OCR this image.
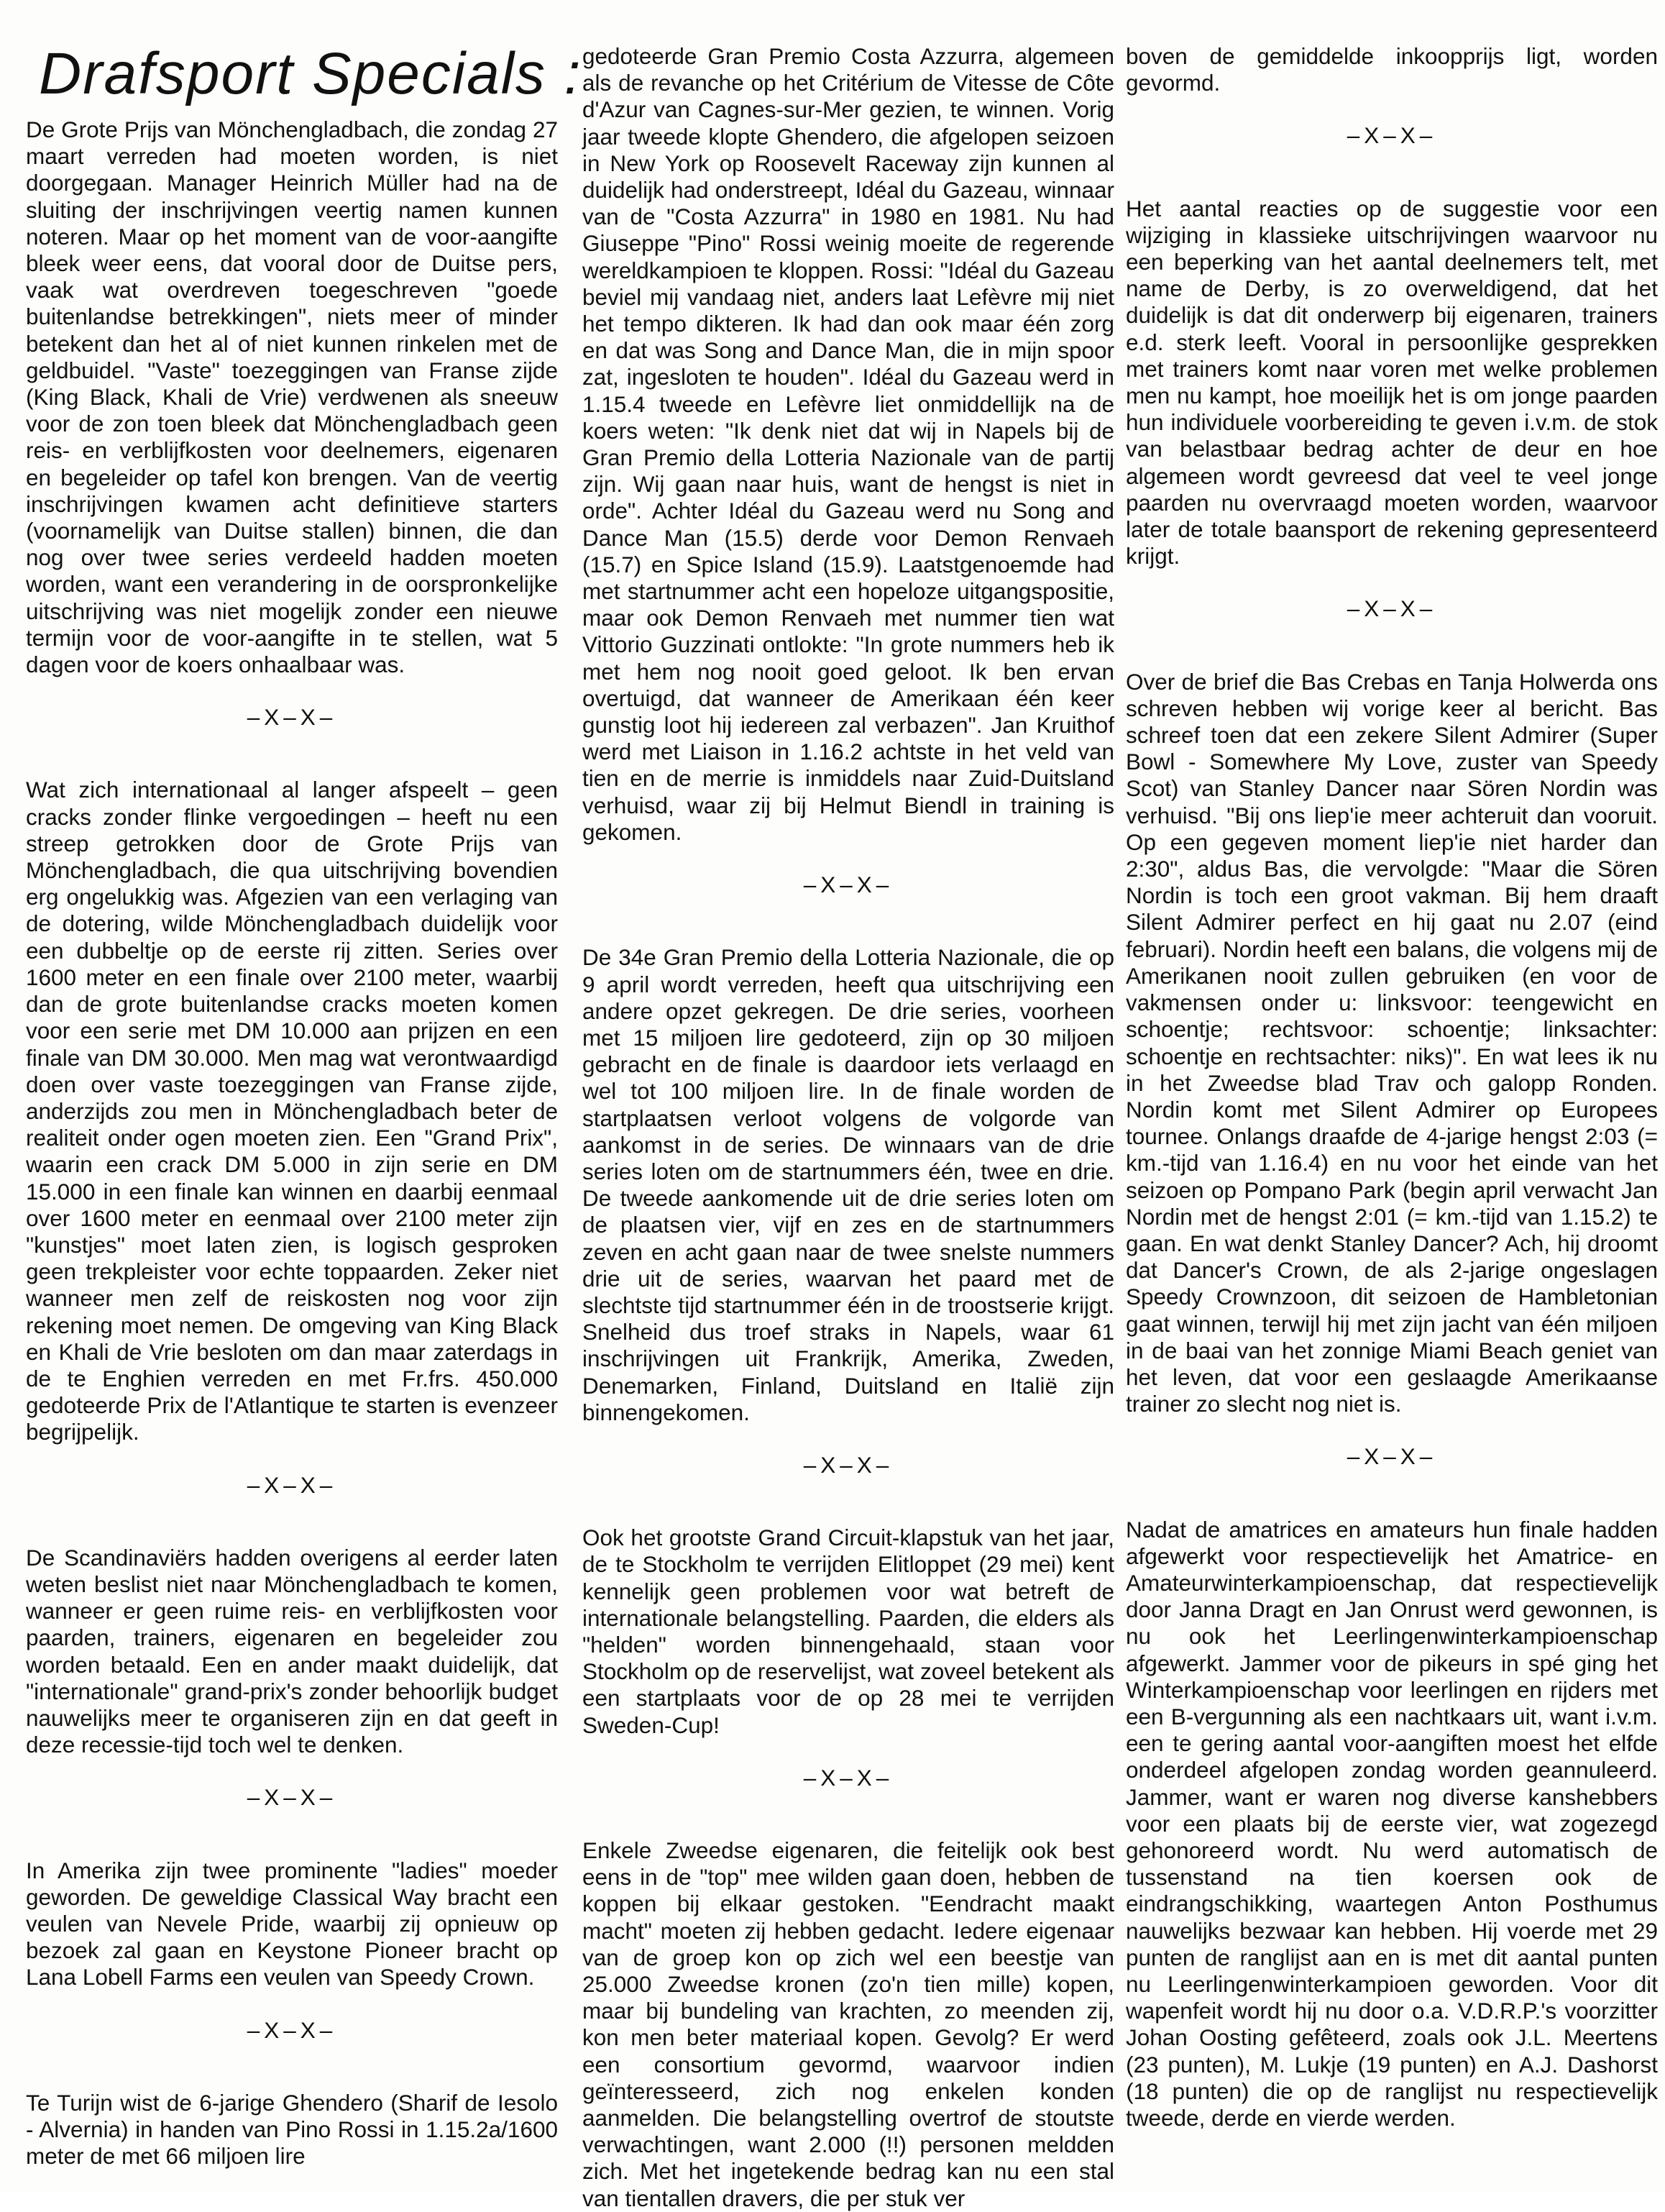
Drafsport Specials :

De Grote Prijs van Mönchengladbach, die zondag 27 maart verreden had moeten worden, is niet doorgegaan. Manager Heinrich Müller had na de sluiting der inschrijvingen veertig namen kunnen noteren. Maar op het moment van de voor-aangifte bleek weer eens, dat vooral door de Duitse pers, vaak wat overdreven toegeschreven "goede buitenlandse betrekkingen", niets meer of minder betekent dan het al of niet kunnen rinkelen met de geldbuidel. "Vaste" toezeggingen van Franse zijde (King Black, Khali de Vrie) verdwenen als sneeuw voor de zon toen bleek dat Mönchengladbach geen reis- en verblijfkosten voor deelnemers, eigenaren en begeleider op tafel kon brengen. Van de veertig inschrijvingen kwamen acht definitieve starters (voornamelijk van Duitse stallen) binnen, die dan nog over twee series verdeeld hadden moeten worden, want een verandering in de oorspronkelijke uitschrijving was niet mogelijk zonder een nieuwe termijn voor de voor-aangifte in te stellen, wat 5 dagen voor de koers onhaalbaar was.

–X–X–

Wat zich internationaal al langer afspeelt – geen cracks zonder flinke vergoedingen – heeft nu een streep getrokken door de Grote Prijs van Mönchengladbach, die qua uitschrijving bovendien erg ongelukkig was. Afgezien van een verlaging van de dotering, wilde Mönchengladbach duidelijk voor een dubbeltje op de eerste rij zitten. Series over 1600 meter en een finale over 2100 meter, waarbij dan de grote buitenlandse cracks moeten komen voor een serie met DM 10.000 aan prijzen en een finale van DM 30.000. Men mag wat verontwaardigd doen over vaste toezeggingen van Franse zijde, anderzijds zou men in Mönchengladbach beter de realiteit onder ogen moeten zien. Een "Grand Prix", waarin een crack DM 5.000 in zijn serie en DM 15.000 in een finale kan winnen en daarbij eenmaal over 1600 meter en eenmaal over 2100 meter zijn "kunstjes" moet laten zien, is logisch gesproken geen trekpleister voor echte toppaarden. Zeker niet wanneer men zelf de reiskosten nog voor zijn rekening moet nemen. De omgeving van King Black en Khali de Vrie besloten om dan maar zaterdags in de te Enghien verreden en met Fr.frs. 450.000 gedoteerde Prix de l'Atlantique te starten is evenzeer begrijpelijk.

–X–X–

De Scandinaviërs hadden overigens al eerder laten weten beslist niet naar Mönchengladbach te komen, wanneer er geen ruime reis- en verblijfkosten voor paarden, trainers, eigenaren en begeleider zou worden betaald. Een en ander maakt duidelijk, dat "internationale" grand-prix's zonder behoorlijk budget nauwelijks meer te organiseren zijn en dat geeft in deze recessie-tijd toch wel te denken.

–X–X–

In Amerika zijn twee prominente "ladies" moeder geworden. De geweldige Classical Way bracht een veulen van Nevele Pride, waarbij zij opnieuw op bezoek zal gaan en Keystone Pioneer bracht op Lana Lobell Farms een veulen van Speedy Crown.

–X–X–

Te Turijn wist de 6-jarige Ghendero (Sharif de Iesolo - Alvernia) in handen van Pino Rossi in 1.15.2a/1600 meter de met 66 miljoen lire

gedoteerde Gran Premio Costa Azzurra, algemeen als de revanche op het Critérium de Vitesse de Côte d'Azur van Cagnes-sur-Mer gezien, te winnen. Vorig jaar tweede klopte Ghendero, die afgelopen seizoen in New York op Roosevelt Raceway zijn kunnen al duidelijk had onderstreept, Idéal du Gazeau, winnaar van de "Costa Azzurra" in 1980 en 1981. Nu had Giuseppe "Pino" Rossi weinig moeite de regerende wereldkampioen te kloppen. Rossi: "Idéal du Gazeau beviel mij vandaag niet, anders laat Lefèvre mij niet het tempo dikteren. Ik had dan ook maar één zorg en dat was Song and Dance Man, die in mijn spoor zat, ingesloten te houden". Idéal du Gazeau werd in 1.15.4 tweede en Lefèvre liet onmiddellijk na de koers weten: "Ik denk niet dat wij in Napels bij de Gran Premio della Lotteria Nazionale van de partij zijn. Wij gaan naar huis, want de hengst is niet in orde". Achter Idéal du Gazeau werd nu Song and Dance Man (15.5) derde voor Demon Renvaeh (15.7) en Spice Island (15.9). Laatstgenoemde had met startnummer acht een hopeloze uitgangspositie, maar ook Demon Renvaeh met nummer tien wat Vittorio Guzzinati ontlokte: "In grote nummers heb ik met hem nog nooit goed geloot. Ik ben ervan overtuigd, dat wanneer de Amerikaan één keer gunstig loot hij iedereen zal verbazen". Jan Kruithof werd met Liaison in 1.16.2 achtste in het veld van tien en de merrie is inmiddels naar Zuid-Duitsland verhuisd, waar zij bij Helmut Biendl in training is gekomen.

–X–X–

De 34e Gran Premio della Lotteria Nazionale, die op 9 april wordt verreden, heeft qua uitschrijving een andere opzet gekregen. De drie series, voorheen met 15 miljoen lire gedoteerd, zijn op 30 miljoen gebracht en de finale is daardoor iets verlaagd en wel tot 100 miljoen lire. In de finale worden de startplaatsen verloot volgens de volgorde van aankomst in de series. De winnaars van de drie series loten om de startnummers één, twee en drie. De tweede aankomende uit de drie series loten om de plaatsen vier, vijf en zes en de startnummers zeven en acht gaan naar de twee snelste nummers drie uit de series, waarvan het paard met de slechtste tijd startnummer één in de troostserie krijgt. Snelheid dus troef straks in Napels, waar 61 inschrijvingen uit Frankrijk, Amerika, Zweden, Denemarken, Finland, Duitsland en Italië zijn binnengekomen.

–X–X–

Ook het grootste Grand Circuit-klapstuk van het jaar, de te Stockholm te verrijden Elitloppet (29 mei) kent kennelijk geen problemen voor wat betreft de internationale belangstelling. Paarden, die elders als "helden" worden binnengehaald, staan voor Stockholm op de reservelijst, wat zoveel betekent als een startplaats voor de op 28 mei te verrijden Sweden-Cup!

–X–X–

Enkele Zweedse eigenaren, die feitelijk ook best eens in de "top" mee wilden gaan doen, hebben de koppen bij elkaar gestoken. "Eendracht maakt macht" moeten zij hebben gedacht. Iedere eigenaar van de groep kon op zich wel een beestje van 25.000 Zweedse kronen (zo'n tien mille) kopen, maar bij bundeling van krachten, zo meenden zij, kon men beter materiaal kopen. Gevolg? Er werd een consortium gevormd, waarvoor indien geïnteresseerd, zich nog enkelen konden aanmelden. Die belangstelling overtrof de stoutste verwachtingen, want 2.000 (!!) personen meldden zich. Met het ingetekende bedrag kan nu een stal van tientallen dravers, die per stuk ver

boven de gemiddelde inkoopprijs ligt, worden gevormd.

–X–X–

Het aantal reacties op de suggestie voor een wijziging in klassieke uitschrijvingen waarvoor nu een beperking van het aantal deelnemers telt, met name de Derby, is zo overweldigend, dat het duidelijk is dat dit onderwerp bij eigenaren, trainers e.d. sterk leeft. Vooral in persoonlijke gesprekken met trainers komt naar voren met welke problemen men nu kampt, hoe moeilijk het is om jonge paarden hun individuele voorbereiding te geven i.v.m. de stok van belastbaar bedrag achter de deur en hoe algemeen wordt gevreesd dat veel te veel jonge paarden nu overvraagd moeten worden, waarvoor later de totale baansport de rekening gepresenteerd krijgt.

–X–X–

Over de brief die Bas Crebas en Tanja Holwerda ons schreven hebben wij vorige keer al bericht. Bas schreef toen dat een zekere Silent Admirer (Super Bowl - Somewhere My Love, zuster van Speedy Scot) van Stanley Dancer naar Sören Nordin was verhuisd. "Bij ons liep'ie meer achteruit dan vooruit. Op een gegeven moment liep'ie niet harder dan 2:30", aldus Bas, die vervolgde: "Maar die Sören Nordin is toch een groot vakman. Bij hem draaft Silent Admirer perfect en hij gaat nu 2.07 (eind februari). Nordin heeft een balans, die volgens mij de Amerikanen nooit zullen gebruiken (en voor de vakmensen onder u: linksvoor: teengewicht en schoentje; rechtsvoor: schoentje; linksachter: schoentje en rechtsachter: niks)". En wat lees ik nu in het Zweedse blad Trav och galopp Ronden. Nordin komt met Silent Admirer op Europees tournee. Onlangs draafde de 4-jarige hengst 2:03 (= km.-tijd van 1.16.4) en nu voor het einde van het seizoen op Pompano Park (begin april verwacht Jan Nordin met de hengst 2:01 (= km.-tijd van 1.15.2) te gaan. En wat denkt Stanley Dancer? Ach, hij droomt dat Dancer's Crown, de als 2-jarige ongeslagen Speedy Crownzoon, dit seizoen de Hambletonian gaat winnen, terwijl hij met zijn jacht van één miljoen in de baai van het zonnige Miami Beach geniet van het leven, dat voor een geslaagde Amerikaanse trainer zo slecht nog niet is.

–X–X–

Nadat de amatrices en amateurs hun finale hadden afgewerkt voor respectievelijk het Amatrice- en Amateurwinterkampioenschap, dat respectievelijk door Janna Dragt en Jan Onrust werd gewonnen, is nu ook het Leerlingenwinterkampioenschap afgewerkt. Jammer voor de pikeurs in spé ging het Winterkampioenschap voor leerlingen en rijders met een B-vergunning als een nachtkaars uit, want i.v.m. een te gering aantal voor-aangiften moest het elfde onderdeel afgelopen zondag worden geannuleerd. Jammer, want er waren nog diverse kanshebbers voor een plaats bij de eerste vier, wat zogezegd gehonoreerd wordt. Nu werd automatisch de tussenstand na tien koersen ook de eindrangschikking, waartegen Anton Posthumus nauwelijks bezwaar kan hebben. Hij voerde met 29 punten de ranglijst aan en is met dit aantal punten nu Leerlingenwinterkampioen geworden. Voor dit wapenfeit wordt hij nu door o.a. V.D.R.P.'s voorzitter Johan Oosting gefêteerd, zoals ook J.L. Meertens (23 punten), M. Lukje (19 punten) en A.J. Dashorst (18 punten) die op de ranglijst nu respectievelijk tweede, derde en vierde werden.
